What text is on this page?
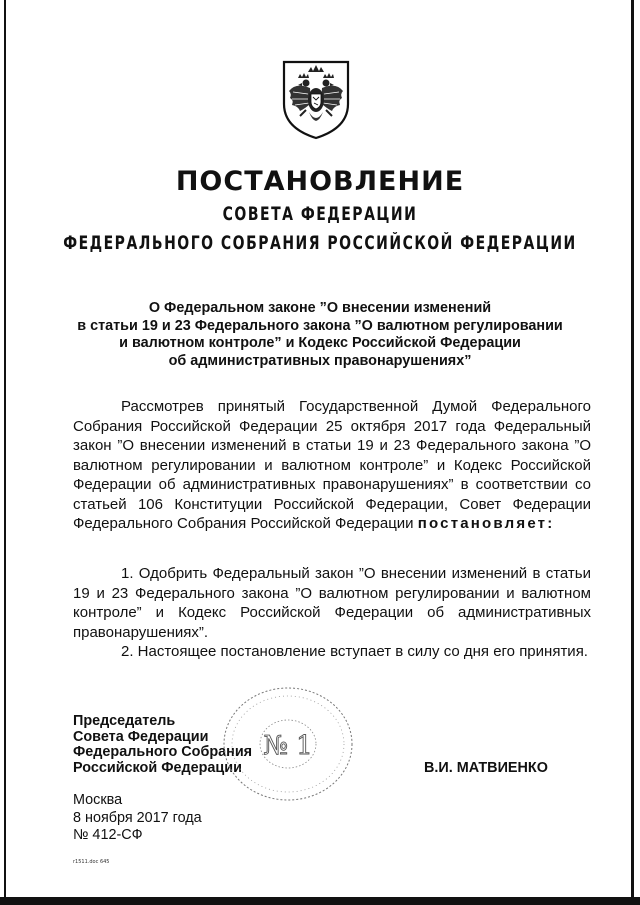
ПОСТАНОВЛЕНИЕ
СОВЕТА ФЕДЕРАЦИИ
ФЕДЕРАЛЬНОГО СОБРАНИЯ РОССИЙСКОЙ ФЕДЕРАЦИИ
О Федеральном законе ”О внесении изменений
в статьи 19 и 23 Федерального закона ”О валютном регулировании
и валютном контроле” и Кодекс Российской Федерации
об административных правонарушениях”

Рассмотрев принятый Государственной Думой Федерального Собрания Российской Федерации 25 октября 2017 года Федеральный закон ”О внесении изменений в статьи 19 и 23 Федерального закона ”О валютном регулировании и валютном контроле” и Кодекс Российской Федерации об административных правонарушениях” в соответствии со статьей 106 Конституции Российской Федерации, Совет Федерации Федерального Собрания Российской Федерации постановляет:

1. Одобрить Федеральный закон ”О внесении изменений в статьи 19 и 23 Федерального закона ”О валютном регулировании и валютном контроле” и Кодекс Российской Федерации об административных правонарушениях”.

2. Настоящее постановление вступает в силу со дня его принятия.

Председатель
Совета Федерации
Федерального Собрания
Российской Федерации
№ 1
В.И. МАТВИЕНКО
Москва
8 ноября 2017 года
№ 412-СФ
r1511.doc 645
